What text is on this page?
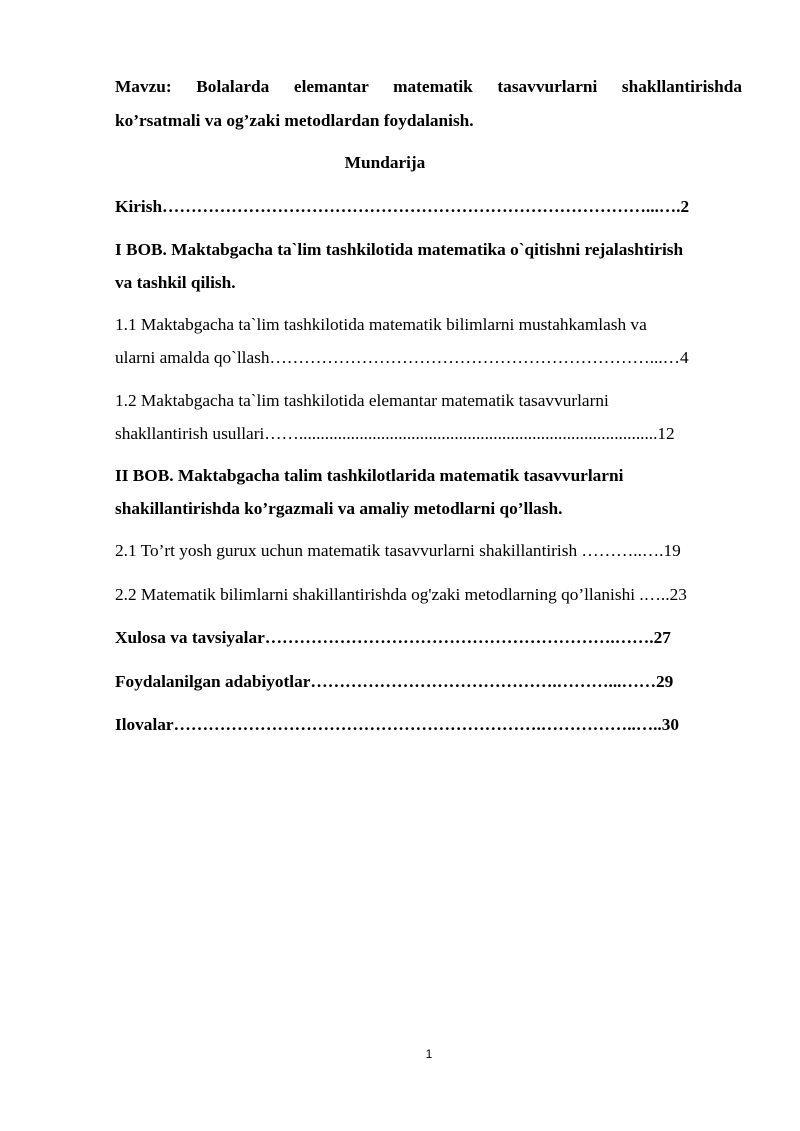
Mavzu: Bolalarda elemantar matematik tasavvurlarni shakllantirishda
ko’rsatmali va og’zaki metodlardan foydalanish.
Mundarija
Kirish…………………………………………………………………………...….2
I BOB. Maktabgacha ta`lim tashkilotida matematika o`qitishni rejalashtirish
va tashkil qilish.
1.1 Maktabgacha ta`lim tashkilotida matematik bilimlarni mustahkamlash va
ularni amalda qo`llash…………………………………………………………...…4
1.2 Maktabgacha ta`lim tashkilotida elemantar matematik tasavvurlarni
shakllantirish usullari……...................................................................................12
II BOB. Maktabgacha talim tashkilotlarida matematik tasavvurlarni
shakillantirishda ko’rgazmali va amaliy metodlarni qo’llash.
2.1 To’rt yosh gurux uchun matematik tasavvurlarni shakillantirish ………..….19
2.2 Matematik bilimlarni shakillantirishda og'zaki metodlarning qo’llanishi .…..23
Xulosa va tavsiyalar…………………………………………………….…….27
Foydalanilgan adabiyotlar…………………………………….………...……29
Ilovalar……………………………………………………….……………..…..30
1
